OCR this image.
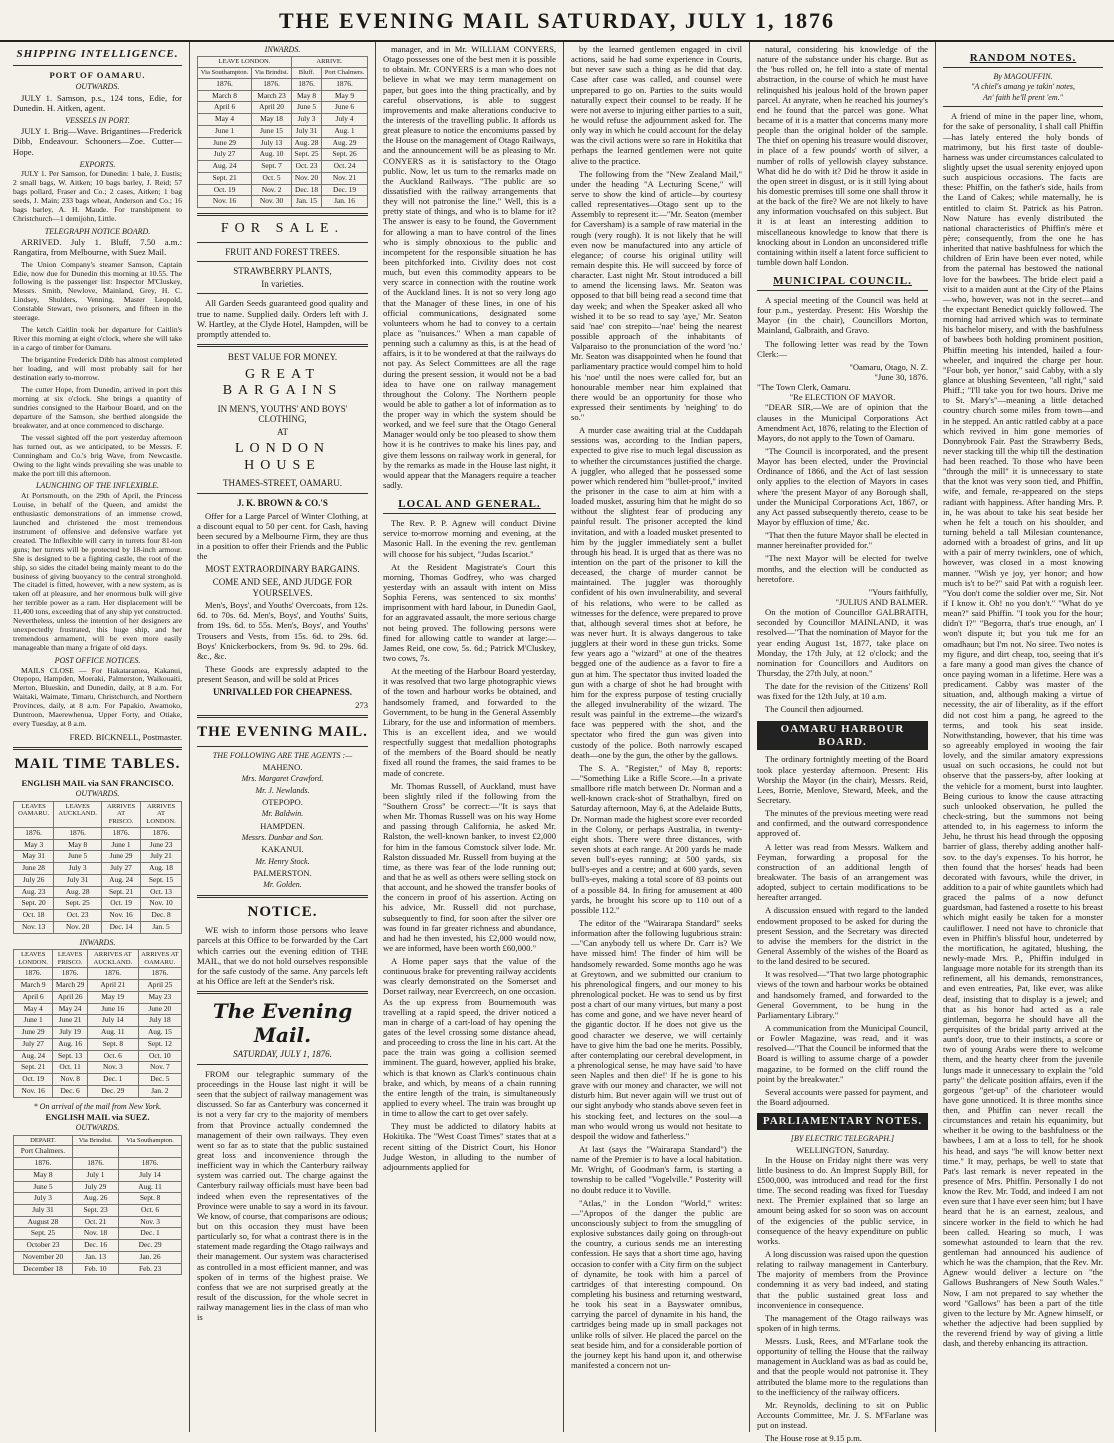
THE EVENING MAIL SATURDAY, JULY 1, 1876
SHIPPING INTELLIGENCE.
PORT OF OAMARU.
OUTWARDS.

JULY 1. Samson, p.s., 124 tons, Edie, for Dunedin. H. Aitken, agent.

VESSELS IN PORT.

JULY 1. Brig—Wave. Brigantines—Frederick Dibb, Endeavour. Schooners—Zoe. Cutter—Hope.

EXPORTS.

JULY 1. Per Samson, for Dunedin: 1 bale, J. Eustis; 2 small bags, W. Aitken; 10 bags barley, J. Reid; 57 bags pollard, Fraser and Co.; 2 cases, Aitken; 1 bag seeds, J. Main; 233 bags wheat, Anderson and Co.; 16 bags barley, A. H. Maude. For transhipment to Christchurch—1 demijohn, Little.

TELEGRAPH NOTICE BOARD.

ARRIVED. July 1. Bluff, 7.50 a.m.: Rangatira, from Melbourne, with Suez Mail.

The Union Company's steamer Samson, Captain Edie, now due for Dunedin this morning at 10.55. The following is the passenger list: Inspector M'Cluskey, Messrs. Smith, Newlove, Mainland, Grey, H. C. Lindsey, Shulders, Venning, Master Leopold, Constable Stewart, two prisoners, and fifteen in the steerage.

The ketch Caitlin took her departure for Caitlin's River this morning at eight o'clock, where she will take in a cargo of timber for Oamaru.

The brigantine Frederick Dibb has almost completed her loading, and will most probably sail for her destination early to-morrow.

The cutter Hope, from Dunedin, arrived in port this morning at six o'clock. She brings a quantity of sundries consigned to the Harbour Board, and on the departure of the Samson, she berthed alongside the breakwater, and at once commenced to discharge.

The vessel sighted off the port yesterday afternoon has turned out, as we anticipated, to be Messrs. F. Cunningham and Co.'s brig Wave, from Newcastle. Owing to the light winds prevailing she was unable to make the port till this afternoon.

LAUNCHING OF THE INFLEXIBLE.

At Portsmouth, on the 29th of April, the Princess Louise, in behalf of the Queen, and amidst the enthusiastic demonstrations of an immense crowd, launched and christened the most tremendous instrument of offensive and defensive warfare yet created. The Inflexible will carry in turrets four 81-ton guns; her turrets will be protected by 18-inch armour. She is designed to be a fighting castle, the root of the ship, so sides the citadel being mainly meant to do the business of giving buoyancy to the central stronghold. The citadel is fitted, however, with a new system, as is taken off at pleasure, and her enormous bulk will give her terrible power as a ram. Her displacement will be 11,400 tons, exceeding that of any ship yet constructed. Nevertheless, unless the intention of her designers are unexpectedly frustrated, this huge ship, and her tremendous armament, will be even more easily manageable than many a frigate of old days.

POST OFFICE NOTICES.

MAILS CLOSE — For Hakataramea, Kakanui, Otepopo, Hampden, Moeraki, Palmerston, Waikouaiti, Merton, Blueskin, and Dunedin, daily, at 8 a.m. For Waitaki, Waimate, Timaru, Christchurch, and Northern Provinces, daily, at 8 a.m. For Papakio, Awamoko, Duntroon, Maerewhenua, Upper Forty, and Otiake, every Tuesday, at 8 a.m.

FRED. BICKNELL, Postmaster.
MAIL TIME TABLES.
ENGLISH MAIL via SAN FRANCISCO.
OUTWARDS.
LEAVES OAMARU.	LEAVES AUCKLAND.	ARRIVES AT FRISCO.	ARRIVES AT LONDON.
1876.	1876.	1876.	1876.
May 3	May 8	June 1	June 23
May 31	June 5	June 29	July 21
June 28	July 3	July 27	Aug. 18
July 26	July 31	Aug. 24	Sept. 15
Aug. 23	Aug. 28	Sept. 21	Oct. 13
Sept. 20	Sept. 25	Oct. 19	Nov. 10
Oct. 18	Oct. 23	Nov. 16	Dec. 8
Nov. 13	Nov. 20	Dec. 14	Jan. 5
INWARDS.
LEAVES LONDON.	LEAVES FRISCO.	ARRIVES AT AUCKLAND.	ARRIVES AT OAMARU.
1876.	1876.	1876.	1876.
March 9	March 29	April 21	April 25
April 6	April 26	May 19	May 23
May 4	May 24	June 16	June 20
June 1	June 21	July 14	July 18
June 29	July 19	Aug. 11	Aug. 15
July 27	Aug. 16	Sept. 8	Sept. 12
Aug. 24	Sept. 13	Oct. 6	Oct. 10
Sept. 21	Oct. 11	Nov. 3	Nov. 7
Oct. 19	Nov. 8	Dec. 1	Dec. 5
Nov. 16	Dec. 6	Dec. 29	Jan. 2
* On arrival of the mail from New York.
ENGLISH MAIL via SUEZ.
OUTWARDS.
DEPART.	Via Brindisi.	Via Southampton.
Port Chalmers.		
1876.	1876.	1876.
May 8	July 1	July 14
June 5	July 29	Aug. 11
July 3	Aug. 26	Sept. 8
July 31	Sept. 23	Oct. 6
August 28	Oct. 21	Nov. 3
Sept. 25	Nov. 18	Dec. 1
October 23	Dec. 16	Dec. 29
November 20	Jan. 13	Jan. 26
December 18	Feb. 10	Feb. 23
INWARDS.
LEAVE LONDON.		ARRIVE.	
Via Southampton.	Via Brindisi.	Bluff.	Port Chalmers.
1876.	1876.	1876.	1876.
March 8	March 23	May 8	May 9
April 6	April 20	June 5	June 6
May 4	May 18	July 3	July 4
June 1	June 15	July 31	Aug. 1
June 29	July 13	Aug. 28	Aug. 29
July 27	Aug. 10	Sept. 25	Sept. 26
Aug. 24	Sept. 7	Oct. 23	Oct. 24
Sept. 21	Oct. 5	Nov. 20	Nov. 21
Oct. 19	Nov. 2	Dec. 18	Dec. 19
Nov. 16	Nov. 30	Jan. 15	Jan. 16
FOR SALE.
FRUIT AND FOREST TREES.
STRAWBERRY PLANTS,
In varieties.

All Garden Seeds guaranteed good quality and true to name. Supplied daily. Orders left with J. W. Hartley, at the Clyde Hotel, Hampden, will be promptly attended to.

BEST VALUE FOR MONEY.
GREAT BARGAINS
IN MEN'S, YOUTHS' AND BOYS' CLOTHING,
AT
LONDON HOUSE
THAMES-STREET, OAMARU.
J. K. BROWN & CO.'S

Offer for a Large Parcel of Winter Clothing, at a discount equal to 50 per cent. for Cash, having been secured by a Melbourne Firm, they are thus in a position to offer their Friends and the Public the

MOST EXTRAORDINARY BARGAINS.
COME AND SEE, AND JUDGE FOR YOURSELVES.

Men's, Boys', and Youths' Overcoats, from 12s. 6d. to 70s. 6d. Men's, Boys', and Youths' Suits, from 19s. 6d. to 55s. Men's, Boys', and Youths' Trousers and Vests, from 15s. 6d. to 29s. 6d. Boys' Knickerbockers, from 9s. 9d. to 29s. 6d. &c., &c.

These Goods are expressly adapted to the present Season, and will be sold at Prices

UNRIVALLED FOR CHEAPNESS.
273
THE EVENING MAIL.
THE FOLLOWING ARE THE AGENTS :—
MAHENO.
Mrs. Margaret Crawford.
Mr. J. Newlands.
OTEPOPO.
Mr. Baldwin.
HAMPDEN.
Messrs. Dunbar and Son.
KAKANUI.
Mr. Henry Stock.
PALMERSTON.
Mr. Golden.
NOTICE.

WE wish to inform those persons who leave parcels at this Office to be forwarded by the Cart which carries out the evening edition of THE MAIL, that we do not hold ourselves responsible for the safe custody of the same. Any parcels left at his Office are left at the Sender's risk.

The Evening Mail.
SATURDAY, JULY 1, 1876.

FROM our telegraphic summary of the proceedings in the House last night it will be seen that the subject of railway management was discussed. So far as Canterbury was concerned it is not a very far cry to the majority of members from that Province actually condemned the management of their own railways. They even went so far as to state that the public sustained great loss and inconvenience through the inefficient way in which the Canterbury railway system was carried out. The charge against the Canterbury railway officials must have been bad indeed when even the representatives of the Province were unable to say a word in its favour. We know, of course, that comparisons are odious; but on this occasion they must have been particularly so, for what a contrast there is in the statement made regarding the Otago railways and their management. Our system was characterised as controlled in a most efficient manner, and was spoken of in terms of the highest praise. We confess that we are not surprised greatly at the result of the discussion, for the whole secret in railway management lies in the class of man who is

manager, and in Mr. WILLIAM CONYERS, Otago possesses one of the best men it is possible to obtain. Mr. CONYERS is a man who does not believe in what we may term management on paper, but goes into the thing practically, and by careful observations, is able to suggest improvements and make alterations conducive to the interests of the travelling public. It affords us great pleasure to notice the encomiums passed by the House on the management of Otago Railways, and the announcement will be as pleasing to Mr. CONYERS as it is satisfactory to the Otago public. Now, let us turn to the remarks made on the Auckland Railways. "The public are so dissatisfied with the railway arrangements that they will not patronise the line." Well, this is a pretty state of things, and who is to blame for it? The answer is easy to be found, the Government for allowing a man to have control of the lines who is simply obnoxious to the public and incompetent for the responsible situation he has been pitchforked into. Civility does not cost much, but even this commodity appears to be very scarce in connection with the routine work of the Auckland lines. It is not so very long ago that the Manager of these lines, in one of his official communications, designated some volunteers whom he had to convey to a certain place as "nuisances." When a man capable of penning such a calumny as this, is at the head of affairs, is it to be wondered at that the railways do not pay. As Select Committees are all the rage during the present session, it would not be a bad idea to have one on railway management throughout the Colony. The Northern people would be able to gather a lot of information as to the proper way in which the system should be worked, and we feel sure that the Otago General Manager would only be too pleased to show them how it is he contrives to make his lines pay, and give them lessons on railway work in general, for by the remarks as made in the House last night, it would appear that the Managers require a teacher sadly.

LOCAL AND GENERAL.

The Rev. P. P. Agnew will conduct Divine service to-morrow morning and evening, at the Masonic Hall. In the evening the rev. gentleman will choose for his subject, "Judas Iscariot."

At the Resident Magistrate's Court this morning, Thomas Godfrey, who was charged yesterday with an assault with intent on Miss Sophia Ferens, was sentenced to six months' imprisonment with hard labour, in Dunedin Gaol, for an aggravated assault, the more serious charge not being proved. The following persons were fined for allowing cattle to wander at large:—James Reid, one cow, 5s. 6d.; Patrick M'Cluskey, two cows, 7s.

At the meeting of the Harbour Board yesterday, it was resolved that two large photographic views of the town and harbour works be obtained, and handsomely framed, and forwarded to the Government, to be hung in the General Assembly Library, for the use and information of members. This is an excellent idea, and we would respectfully suggest that medallion photographs of the members of the Board should be neatly fixed all round the frames, the said frames to be made of concrete.

Mr. Thomas Russell, of Auckland, must have been slightly riled if the following from the "Southern Cross" be correct:—"It is says that when Mr. Thomas Russell was on his way Home and passing through California, he asked Mr. Ralston, the well-known banker, to invest £2,000 for him in the famous Comstock silver lode. Mr. Ralston dissuaded Mr. Russell from buying at the time, as there was fear of the lode running out; and that he as well as others were selling stock on that account, and he showed the transfer books of the concern in proof of his assertion. Acting on his advice, Mr. Russell did not purchase, subsequently to find, for soon after the silver ore was found in far greater richness and abundance, and had he then invested, his £2,000 would now, we are informed, have been worth £60,000."

A Home paper says that the value of the continuous brake for preventing railway accidents was clearly demonstrated on the Somerset and Dorset railway, near Evercreech, on one occasion. As the up express from Bournemouth was travelling at a rapid speed, the driver noticed a man in charge of a cart-load of hay opening the gates of the level crossing some distance ahead, and proceeding to cross the line in his cart. At the pace the train was going a collision seemed imminent. The guard, however, applied his brake, which is that known as Clark's continuous chain brake, and which, by means of a chain running the entire length of the train, is simultaneously applied to every wheel. The train was brought up in time to allow the cart to get over safely.

They must be addicted to dilatory habits at Hokitika. The "West Coast Times" states that at a recent sitting of the District Court, his Honor Judge Weston, in alluding to the number of adjournments applied for

by the learned gentlemen engaged in civil actions, said he had some experience in Courts, but never saw such a thing as he did that day. Case after case was called, and counsel were unprepared to go on. Parties to the suits would naturally expect their counsel to be ready. If he were not averse to injuring either parties to a suit, he would refuse the adjournment asked for. The only way in which he could account for the delay was the civil actions were so rare in Hokitika that perhaps the learned gentlemen were not quite alive to the practice.

The following from the "New Zealand Mail," under the heading "A Lecturing Scene," will serve to show the kind of article—by courtesy called representatives—Otago sent up to the Assembly to represent it:—"Mr. Seaton (member for Caversham) is a sample of raw material in the rough (very rough). It is not likely that he will even now be manufactured into any article of elegance; of course his original utility will remain despite this. He will succeed by force of character. Last night Mr. Stout introduced a bill to amend the licensing laws. Mr. Seaton was opposed to that bill being read a second time that day week; and when the Speaker asked all who wished it to be so read to say 'aye,' Mr. Seaton said 'nae' con strepito—'nae' being the nearest possible approach of the inhabitants of Valparaiso to the pronunciation of the word 'no.' Mr. Seaton was disappointed when he found that parliamentary practice would compel him to hold his 'noe' until the noes were called for, but an honourable member near him explained that there would be an opportunity for those who expressed their sentiments by 'neighing' to do so."

A murder case awaiting trial at the Cuddapah sessions was, according to the Indian papers, expected to give rise to much legal discussion as to whether the circumstances justified the charge. A juggler, who alleged that he possessed some power which rendered him "bullet-proof," invited the prisoner in the case to aim at him with a loaded musket, assuring him that he might do so without the slightest fear of producing any painful result. The prisoner accepted the kind invitation, and with a loaded musket presented to him by the juggler immediately sent a bullet through his head. It is urged that as there was no intention on the part of the prisoner to kill the deceased, the charge of murder cannot be maintained. The juggler was thoroughly confident of his own invulnerability, and several of his relations, who were to be called as witnesses for the defence, were prepared to prove that, although several times shot at before, he was never hurt. It is always dangerous to take jugglers at their word in these gun tricks. Some few years ago a "wizard" at one of the theatres begged one of the audience as a favor to fire a gun at him. The spectator thus invited loaded the gun with a charge of shot he had brought with him for the express purpose of testing crucially the alleged invulnerability of the wizard. The result was painful in the extreme—the wizard's face was peppered with the shot, and the spectator who fired the gun was given into custody of the police. Both narrowly escaped death—one by the gun, the other by the gallows.

The S. A. "Register," of May 8, reports:—"Something Like a Rifle Score.—In a private smallbore rifle match between Dr. Norman and a well-known crack-shot of Strathalbyn, fired on Saturday afternoon, May 6, at the Adelaide Butts, Dr. Norman made the highest score ever recorded in the Colony, or perhaps Australia, in twenty-eight shots. There were three distances, with seven shots at each range. At 200 yards he made seven bull's-eyes running; at 500 yards, six bull's-eyes and a centre; and at 600 yards, seven bull's-eyes, making a total score of 83 points out of a possible 84. In firing for amusement at 400 yards, he brought his score up to 110 out of a possible 112."

The editor of the "Wairarapa Standard" seeks information after the following lugubrious strain:—"Can anybody tell us where Dr. Carr is? We have missed him! The finder of him will be handsomely rewarded. Some months ago he was at Greytown, and we submitted our cranium to his phrenological fingers, and our money to his phrenological pocket. He was to send us by first post a chart of our many virtues, but many a post has come and gone, and we have never heard of the gigantic doctor. If he does not give us the good character we deserve, we will certainly have to give him the bad one he merits. Possibly, after contemplating our cerebral development, in a phrenological sense, he may have said 'to have seen Naples and then die!' If he is gone to his grave with our money and character, we will not disturb him. But never again will we trust out of our sight anybody who stands above seven feet in his stocking feet, and lectures on the soul—a man who would wrong us would not hesitate to despoil the widow and fatherless."

At last (says the "Wairarapa Standard") the name of the Premier is to have a local habitation. Mr. Wright, of Goodman's farm, is starting a township to be called "Vogelville." Posterity will no doubt reduce it to Voville.

"Atlas," in the London "World," writes:—"Apropos of the danger the public are unconsciously subject to from the smuggling of explosive substances daily going on through-out the country, a curious sends me an interesting confession. He says that a short time ago, having occasion to confer with a City firm on the subject of dynamite, he took with him a parcel of cartridges of that interesting compound. On completing his business and returning westward, he took his seat in a Bayswater omnibus, carrying the parcel of dynamite in his hand, the cartridges being made up in small packages not unlike rolls of silver. He placed the parcel on the seat beside him, and for a considerable portion of the journey kept his hand upon it, and otherwise manifested a concern not un-

natural, considering his knowledge of the nature of the substance under his charge. But as the 'bus rolled on, he fell into a state of mental abstraction, in the course of which he must have relinquished his jealous hold of the brown paper parcel. At anyrate, when he reached his journey's end he found that the parcel was gone. What became of it is a matter that concerns many more people than the original holder of the sample. The thief on opening his treasure would discover, in place of a few pounds' worth of silver, a number of rolls of yellowish clayey substance. What did he do with it? Did he throw it aside in the open street in disgust, or is it still lying about his domestic premises till some one shall throw it at the back of the fire? We are not likely to have any information vouchsafed on this subject. But it is at least an interesting addition to miscellaneous knowledge to know that there is knocking about in London an unconsidered trifle containing within itself a latent force sufficient to tumble down half London.

MUNICIPAL COUNCIL.

A special meeting of the Council was held at four p.m., yesterday. Present: His Worship the Mayor (in the chair), Councillors Morton, Mainland, Galbraith, and Gravo.

The following letter was read by the Town Clerk:—

"Oamaru, Otago, N. Z.
"June 30, 1876.
"The Town Clerk, Oamaru.
"Re ELECTION OF MAYOR.

"DEAR SIR,—We are of opinion that the clauses in the Municipal Corporations Act Amendment Act, 1876, relating to the Election of Mayors, do not apply to the Town of Oamaru.

"The Council is incorporated, and the present Mayor has been elected, under the Provincial Ordinance of 1866, and the Act of last session only applies to the election of Mayors in cases where 'the present Mayor of any Borough shall, under the Municipal Corporations Act, 1867, or any Act passed subsequently thereto, cease to be Mayor by effluxion of time,' &c.

"That then the future Mayor shall be elected in manner hereinafter provided for."

"The next Mayor will be elected for twelve months, and the election will be conducted as heretofore.

"Yours faithfully,
"JULIUS AND BALMER.

On the motion of Councillor GALBRAITH, seconded by Councillor MAINLAND, it was resolved—"That the nomination of Mayor for the year ending August 1st, 1877, take place on Monday, the 17th July, at 12 o'clock; and the nomination for Councillors and Auditors on Thursday, the 27th July, at noon."

The date for the revision of the Citizens' Roll was fixed for the 12th July, at 10 a.m.

The Council then adjourned.

OAMARU HARBOUR BOARD.

The ordinary fortnightly meeting of the Board took place yesterday afternoon. Present: His Worship the Mayor (in the chair), Messrs. Reid, Lees, Borrie, Menlove, Steward, Meek, and the Secretary.

The minutes of the previous meeting were read and confirmed, and the outward correspondence approved of.

A letter was read from Messrs. Walkem and Feyman, forwarding a proposal for the construction of an additional length of breakwater. The basis of an arrangement was adopted, subject to certain modifications to be hereafter arranged.

A discussion ensued with regard to the landed endowment proposed to be asked for during the present Session, and the Secretary was directed to advise the members for the district in the General Assembly of the wishes of the Board as to the land desired to be secured.

It was resolved—"That two large photographic views of the town and harbour works be obtained and handsomely framed, and forwarded to the General Government, to be hung in the Parliamentary Library."

A communication from the Municipal Council, or Fowler Magazine, was read, and it was resolved—"That the Council be informed that the Board is willing to assume charge of a powder magazine, to be formed on the cliff round the point by the breakwater."

Several accounts were passed for payment, and the Board adjourned.

PARLIAMENTARY NOTES.
[BY ELECTRIC TELEGRAPH.]
WELLINGTON, Saturday.

In the House on Friday night there was very little business to do. An Imprest Supply Bill, for £500,000, was introduced and read for the first time. The second reading was fixed for Tuesday next. The Premier explained that so large an amount being asked for so soon was on account of the exigencies of the public service, in consequence of the heavy expenditure on public works.

A long discussion was raised upon the question relating to railway management in Canterbury. The majority of members from the Province condemning it as very bad indeed, and stating that the public sustained great loss and inconvenience in consequence.

The management of the Otago railways was spoken of in high terms.

Messrs. Lusk, Rees, and M'Farlane took the opportunity of telling the House that the railway management in Auckland was as bad as could be, and that the people would not patronise it. They attributed the blame more to the regulations than to the inefficiency of the railway officers.

Mr. Reynolds, declining to sit on Public Accounts Committee, Mr. J. S. M'Farlane was put on instead.

The House rose at 9.15 p.m.

RANDOM NOTES.
By MAGOUFFIN.
"A chiel's amang ye takin' notes,
An' faith he'll prent 'em."

A friend of mine in the paper line, whom, for the sake of personality, I shall call Phiffin—has lately entered the holy bonds of matrimony, but his first taste of double-harness was under circumstances calculated to slightly upset the usual serenity enjoyed upon such auspicious occasions. The facts are these: Phiffin, on the father's side, hails from the Land of Cakes; while maternally, he is entitled to claim St. Patrick as his Patron. Now Nature has evenly distributed the national characteristics of Phiffin's mère et père; consequently, from the one he has inherited that native bashfulness for which the children of Erin have been ever noted, while from the paternal has bestowed the national love for the bawbees. The bride elect paid a visit to a maiden aunt at the City of the Plains—who, however, was not in the secret—and the expectant Benedict quickly followed. The morning had arrived which was to terminate his bachelor misery, and with the bashfulness of bawbees both holding prominent position, Phiffin meeting his intended, hailed a four-wheeler, and inquired the charge per hour. "Four bob, yer honor," said Cabby, with a sly glance at blushing Seventeen, "all right," said Phiff.; "I'll take you for two hours. Drive me to St. Mary's"—meaning a little detached country church some miles from town—and in he stepped. An antic rattled cabby at a pace which revived in him gone memories of Donnybrook Fair. Past the Strawberry Beds, never stacking till the whip till the destination had been reached. To those who have been "through the mill" it is unnecessary to state that the knot was very soon tied, and Phiffin, wife, and female, re-appeared on the steps radiant with happiness. After handing Mrs. P. in, he was about to take his seat beside her when he felt a touch on his shoulder, and turning beheld a tall Milesian countenance, adorned with a broadest of grins, and lit up with a pair of merry twinklers, one of which, however, was closed in a most knowing manner. "Wish ye joy, yer honor; and how much is't to be?" said Pat with a roguish leer. "You don't come the soldier over me, Sir. Not if I know it. Oh! no you don't." "What do ye mean?" said Phiffin. "I took you for the hour; didn't I?" "Begorra, that's true enough, an' I won't dispute it; but you tuk me for an omadhaun; but I'm not. No siree. Two notes is my figure, and dirt cheap, too, seeing that it's a fare many a good man gives the chance of once paying woman in a lifetime. Here was a predicament. Cabby was master of the situation, and, although making a virtue of necessity, the air of liberality, as if the effort did not cost him a pang, he agreed to the terms, and took his seat inside. Notwithstanding, however, that his time was so agreeably employed in wooing the fair lovely, and the similar amatory expressions usual on such occasions, he could not but observe that the passers-by, after looking at the vehicle for a moment, burst into laughter. Being curious to know the cause attracting such unlooked observation, he pulled the check-string, but the summons not being attended to, in his eagerness to inform the Jehu, he thrust his head through the opposing barrier of glass, thereby adding another half-sov. to the day's expenses. To his horror, he then found that the horses' heads had been decorated with favours, while the driver, in addition to a pair of white gauntlets which had graced the palms of a now defunct guardsman, had fastened a rosette to his breast which might easily be taken for a monster cauliflower. I need not have to chronicle that even in Phiffin's blissful hour, undeterred by the mortification, he agitated, blushing, the newly-made Mrs. P., Phiffin indulged in language more notable for its strength than its refinement, all his demands, remonstrances, and even entreaties, Pat, like ever, was alike deaf, insisting that to display is a jewel; and that as his honor had acted as a rale gintleman, begorra he should have all the perquisites of the bridal party arrived at the aunt's door, true to their instincts, a score or two of young Arabs were there to welcome them, and the hearty cheer from the juvenile lungs made it unnecessary to explain the "old party" the delicate position affairs, even if the gorgeous "get-up" of the charioteer would have gone unnoticed. It is three months since then, and Phiffin can never recall the circumstances and retain his equanimity, but whether it be owing to the bashfulness or the bawbees, I am at a loss to tell, for he shook his head, and says "he will know better next time." It may, perhaps, be well to state that Pat's last remark is never repeated in the presence of Mrs. Phiffin. Personally I do not know the Rev. Mr. Todd, and indeed I am not even sure that I have ever seen him; but I have heard that he is an earnest, zealous, and sincere worker in the field to which he had been called. Hearing so much, I was somewhat astounded to learn that the rev. gentleman had announced his audience of which he was the champion, that the Rev. Mr. Agnew would deliver a lecture on "the Gallows Bushrangers of New South Wales." Now, I am not prepared to say whether the word "Gallows" has been a part of the title given to the lecture by Mr. Agnew himself, or whether the adjective had been supplied by the reverend friend by way of giving a little dash, and thereby enhancing its attraction.
